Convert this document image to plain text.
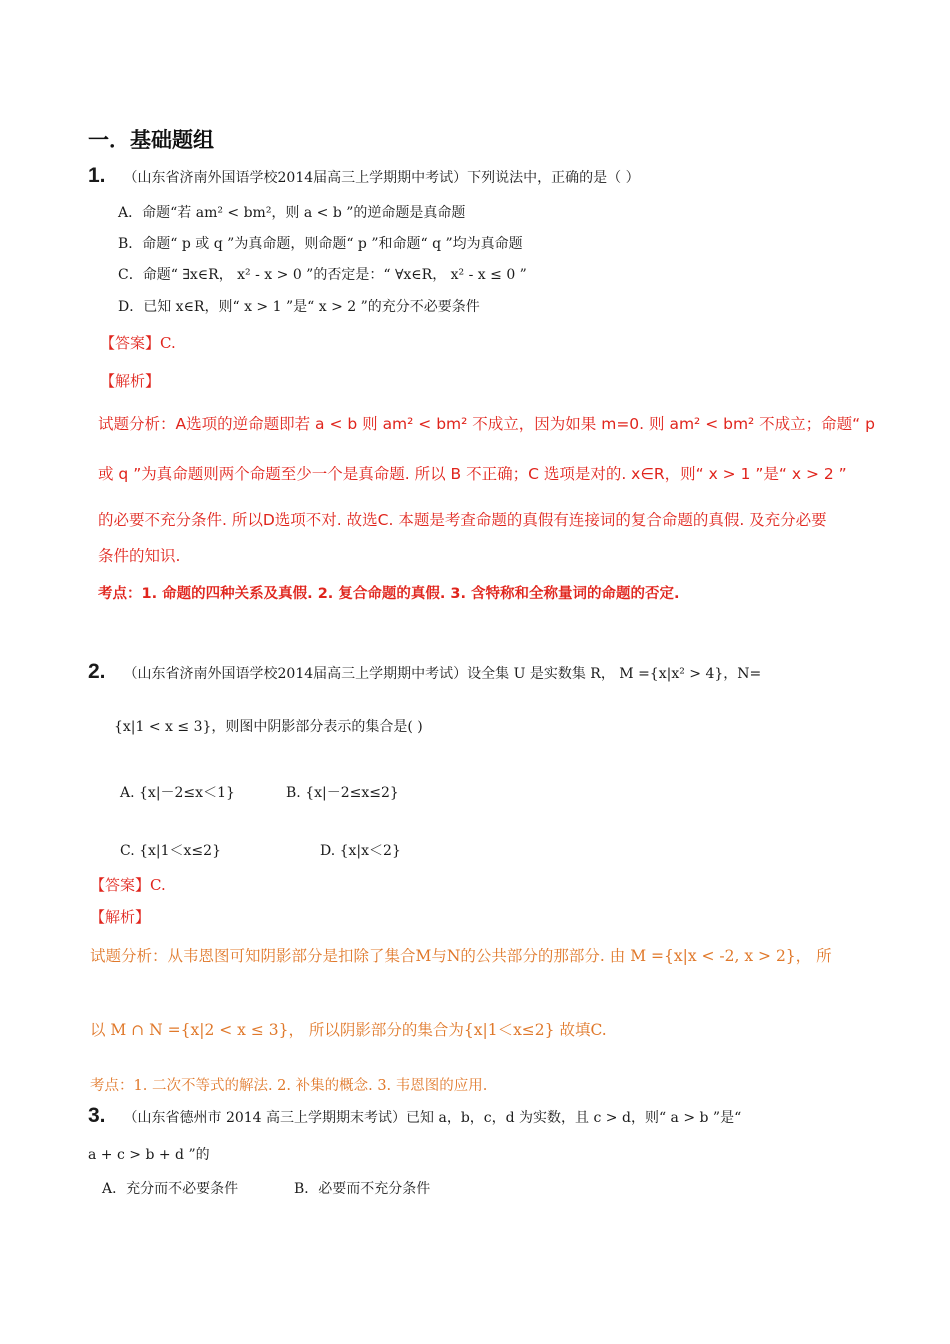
一．基础题组
1. （山东省济南外国语学校2014届高三上学期期中考试）下列说法中，正确的是（ ）
A．命题“若 am² < bm²，则 a < b ”的逆命题是真命题
B．命题“ p 或 q ”为真命题，则命题“ p ”和命题“ q ”均为真命题
C．命题“ ∃x∈R， x² - x > 0 ”的否定是：“ ∀x∈R， x² - x ≤ 0 ”
D．已知 x∈R，则“ x > 1 ”是“ x > 2 ”的充分不必要条件
【答案】C.
【解析】
试题分析：A选项的逆命题即若 a < b 则 am² < bm² 不成立，因为如果 m=0. 则 am² < bm² 不成立；命题“ p
或 q ”为真命题则两个命题至少一个是真命题. 所以 B 不正确；C 选项是对的. x∈R，则“ x > 1 ”是“ x > 2 ”
的必要不充分条件. 所以D选项不对. 故选C. 本题是考查命题的真假有连接词的复合命题的真假. 及充分必要
条件的知识.
考点：1. 命题的四种关系及真假. 2. 复合命题的真假. 3. 含特称和全称量词的命题的否定.
2. （山东省济南外国语学校2014届高三上学期期中考试）设全集 U 是实数集 R， M ={x|x² > 4}，N=
{x|1 < x ≤ 3}，则图中阴影部分表示的集合是( )
A. {x|－2≤x＜1}	B. {x|－2≤x≤2}
C. {x|1＜x≤2}	D. {x|x＜2}
【答案】C.
【解析】
试题分析：从韦恩图可知阴影部分是扣除了集合M与N的公共部分的那部分. 由 M ={x|x < -2, x > 2}， 所
以 M ∩ N ={x|2 < x ≤ 3}， 所以阴影部分的集合为{x|1＜x≤2} 故填C.
考点：1. 二次不等式的解法. 2. 补集的概念. 3. 韦恩图的应用.
3. （山东省德州市 2014 高三上学期期末考试）已知 a，b，c，d 为实数，且 c > d，则“ a > b ”是“
a + c > b + d ”的
A．充分而不必要条件	B．必要而不充分条件
